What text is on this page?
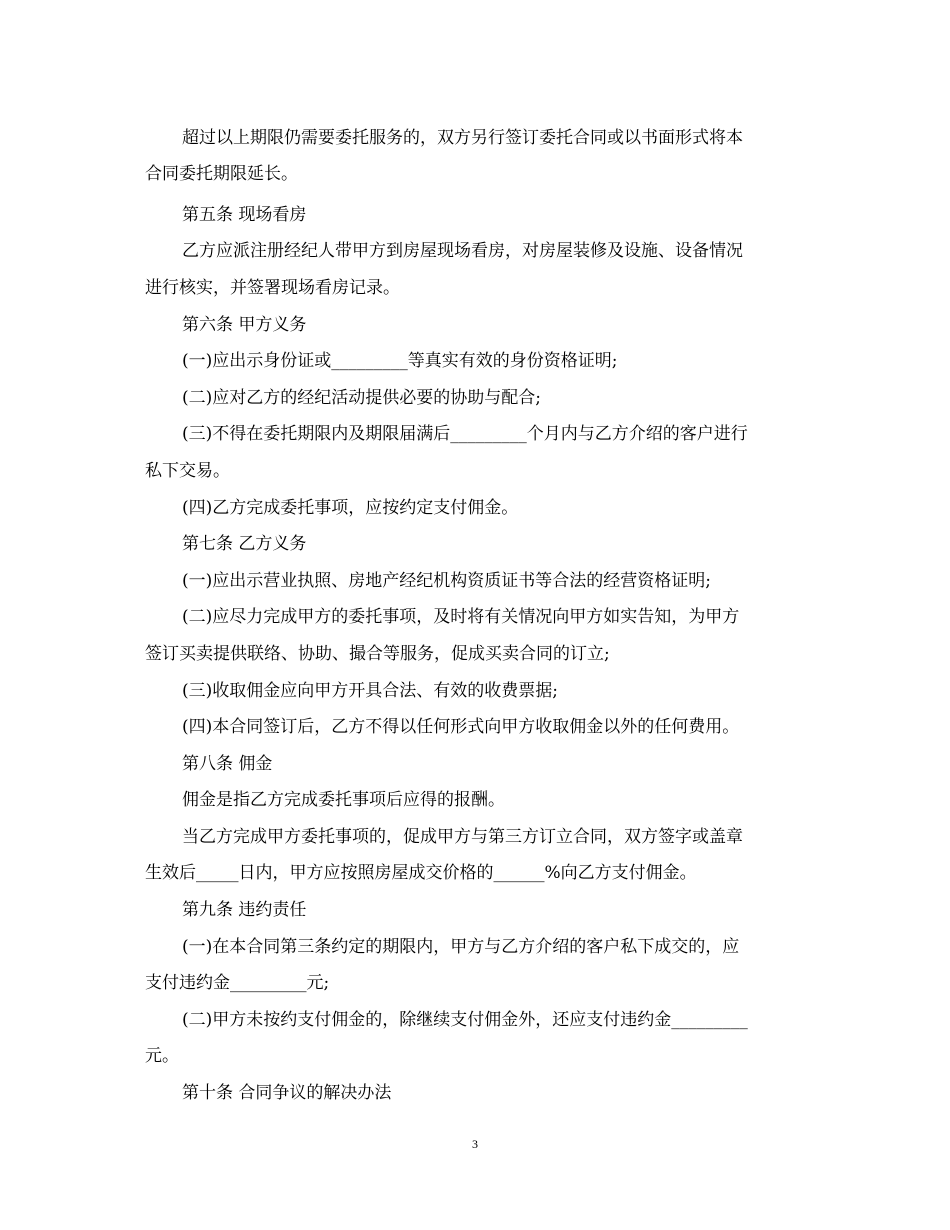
超过以上期限仍需要委托服务的，双方另行签订委托合同或以书面形式将本
合同委托期限延长。
第五条 现场看房
乙方应派注册经纪人带甲方到房屋现场看房，对房屋装修及设施、设备情况
进行核实，并签署现场看房记录。
第六条 甲方义务
(一)应出示身份证或_________等真实有效的身份资格证明;
(二)应对乙方的经纪活动提供必要的协助与配合;
(三)不得在委托期限内及期限届满后_________个月内与乙方介绍的客户进行
私下交易。
(四)乙方完成委托事项，应按约定支付佣金。
第七条 乙方义务
(一)应出示营业执照、房地产经纪机构资质证书等合法的经营资格证明;
(二)应尽力完成甲方的委托事项，及时将有关情况向甲方如实告知，为甲方
签订买卖提供联络、协助、撮合等服务，促成买卖合同的订立;
(三)收取佣金应向甲方开具合法、有效的收费票据;
(四)本合同签订后，乙方不得以任何形式向甲方收取佣金以外的任何费用。
第八条 佣金
佣金是指乙方完成委托事项后应得的报酬。
当乙方完成甲方委托事项的，促成甲方与第三方订立合同，双方签字或盖章
生效后_____日内，甲方应按照房屋成交价格的______%向乙方支付佣金。
第九条 违约责任
(一)在本合同第三条约定的期限内，甲方与乙方介绍的客户私下成交的，应
支付违约金_________元;
(二)甲方未按约支付佣金的，除继续支付佣金外，还应支付违约金_________
元。
第十条 合同争议的解决办法
3
